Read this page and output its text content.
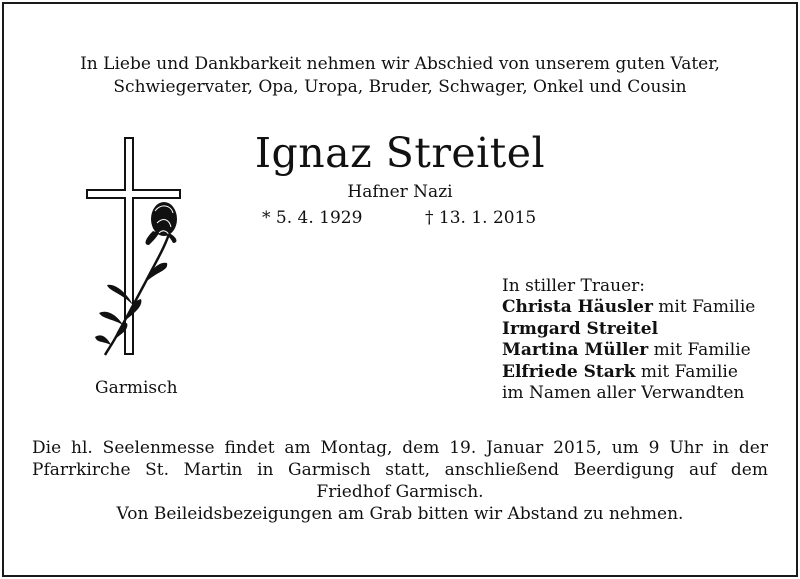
In Liebe und Dankbarkeit nehmen wir Abschied von unserem guten Vater,
Schwiegervater, Opa, Uropa, Bruder, Schwager, Onkel und Cousin
Ignaz Streitel
Hafner Nazi
* 5. 4. 1929	† 13. 1. 2015
Garmisch
In stiller Trauer:
Christa Häusler mit Familie
Irmgard Streitel
Martina Müller mit Familie
Elfriede Stark mit Familie
im Namen aller Verwandten
Die hl. Seelenmesse findet am Montag, dem 19. Januar 2015, um 9 Uhr in der
Pfarrkirche St. Martin in Garmisch statt, anschließend Beerdigung auf dem
Friedhof Garmisch.
Von Beileidsbezeigungen am Grab bitten wir Abstand zu nehmen.
